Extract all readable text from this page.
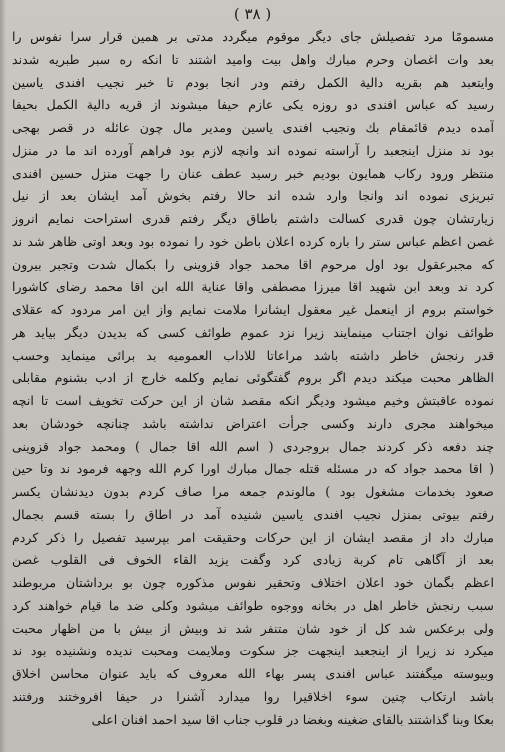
( ٣٨ )
مسمومًا مرد تفصيلش جای دیگر موقوم میگردد مدتی بر همین قرار سرا نفوس را
بعد وات اغصان وحرم مبارك واهل بيت وامید اشتند تا انكه ره سبر طبريه شدند
وایتعبد هم بقریه دالیة الكمل رفتم ودر انجا بودم تا خبر نجیب افندی یاسین
رسید كه عباس افندی دو روزه یكی عازم حیفا میشوند از قریه دالیة الكمل بحیفا
آمده دیدم قائمقام بك ونجیب افندی یاسین ومدیر مال چون عائله در قصر بهجی
بود ند منزل اینجعبد را آراسته نموده اند وانچه لازم بود فراهم آورده اند ما در منزل
منتظر ورود ركاب همایون بودیم خبر رسید عطف عنان را جهت منزل حسین افندی
تبریزی نموده اند وانجا وارد شده اند حالا رفتم بخوش آمد ایشان بعد از نیل
زیارتشان چون قدری كسالت داشتم باطاق دیگر رفتم قدری استراحت نمایم انروز
غصن اعظم عباس ستر را باره كرده اعلان باطن خود را نموده بود وبعد اوتی ظاهر شد ند
كه مجبرعقول بود اول مرحوم اقا محمد جواد قزوینی را بكمال شدت وتجبر بیرون
كرد ند وبعد ابن شهید اقا میرزا مصطفی واقا عنایة الله ابن اقا محمد رضای كاشورا
خواستم بروم از اینعمل غیر معقول ایشانرا ملامت نمایم واز این امر مردود كه عقلای
طوائف نوان اجتناب مینمایند زیرا نزد عموم طوائف كسی كه بدیدن دیگر بیاید هر
قدر رنجش خاطر داشته باشد مراعاتا للاداب العمومیه بد برائی مینماید وحسب
الظاهر محبت میكند دیدم اگر بروم گفتگوئی نمایم وكلمه خارج از ادب بشنوم مقابلی
نموده عاقبتش وخیم میشود ودیگر انكه مقصد شان از این حركت تخویف است تا انچه
میخواهند مجری دارند وكسی جرأت اعتراض نداشته باشد چنانچه خودشان بعد
چند دفعه ذكر كردند جمال بروجردی ( اسم الله اقا جمال ) ومحمد جواد قزوینی
( اقا محمد جواد كه در مسئله قتله جمال مبارك اورا كرم الله وجهه فرمود ند وتا حین
صعود بخدمات مشغول بود ) مالوندم جمعه مرا صاف كردم بدون دیدنشان یكسر
رفتم بیوتی بمنزل نجیب افندی یاسین شنیده آمد در اطاق را بسته قسم بجمال
مبارك داد از مقصد ایشان از این حركات وحقیقت امر بپرسید تفصیل را ذكر كردم
بعد از آگاهی تام كربة زیادی كرد وگفت یزید القاء الخوف فی القلوب غصن
اعظم بگمان خود اعلان اختلاف وتحقیر نفوس مذكوره چون بو برداشتان مربوطند
سبب رنجش خاطر اهل در بخانه ووجوه طوائف میشود وكلی ضد ما قیام خواهند كرد
ولی برعكس شد كل از خود شان متنفر شد ند وبیش از بیش با من اظهار محبت
میكرد ند زیرا از اینجعبد اینجهت جز سكوت وملایمت ومحبت ندیده ونشنیده بود ند
وبیوسته میگفتند عباس افندی پسر بهاء الله معروف كه باید عنوان محاسن اخلاق
باشد ارتكاب چنین سوء اخلاقیرا روا میدارد آشنرا در حیفا افروختند ورفتند
بعكا وبنا گذاشتند بالقای ضغینه وبغضا در قلوب جناب اقا سید احمد افنان اعلی
